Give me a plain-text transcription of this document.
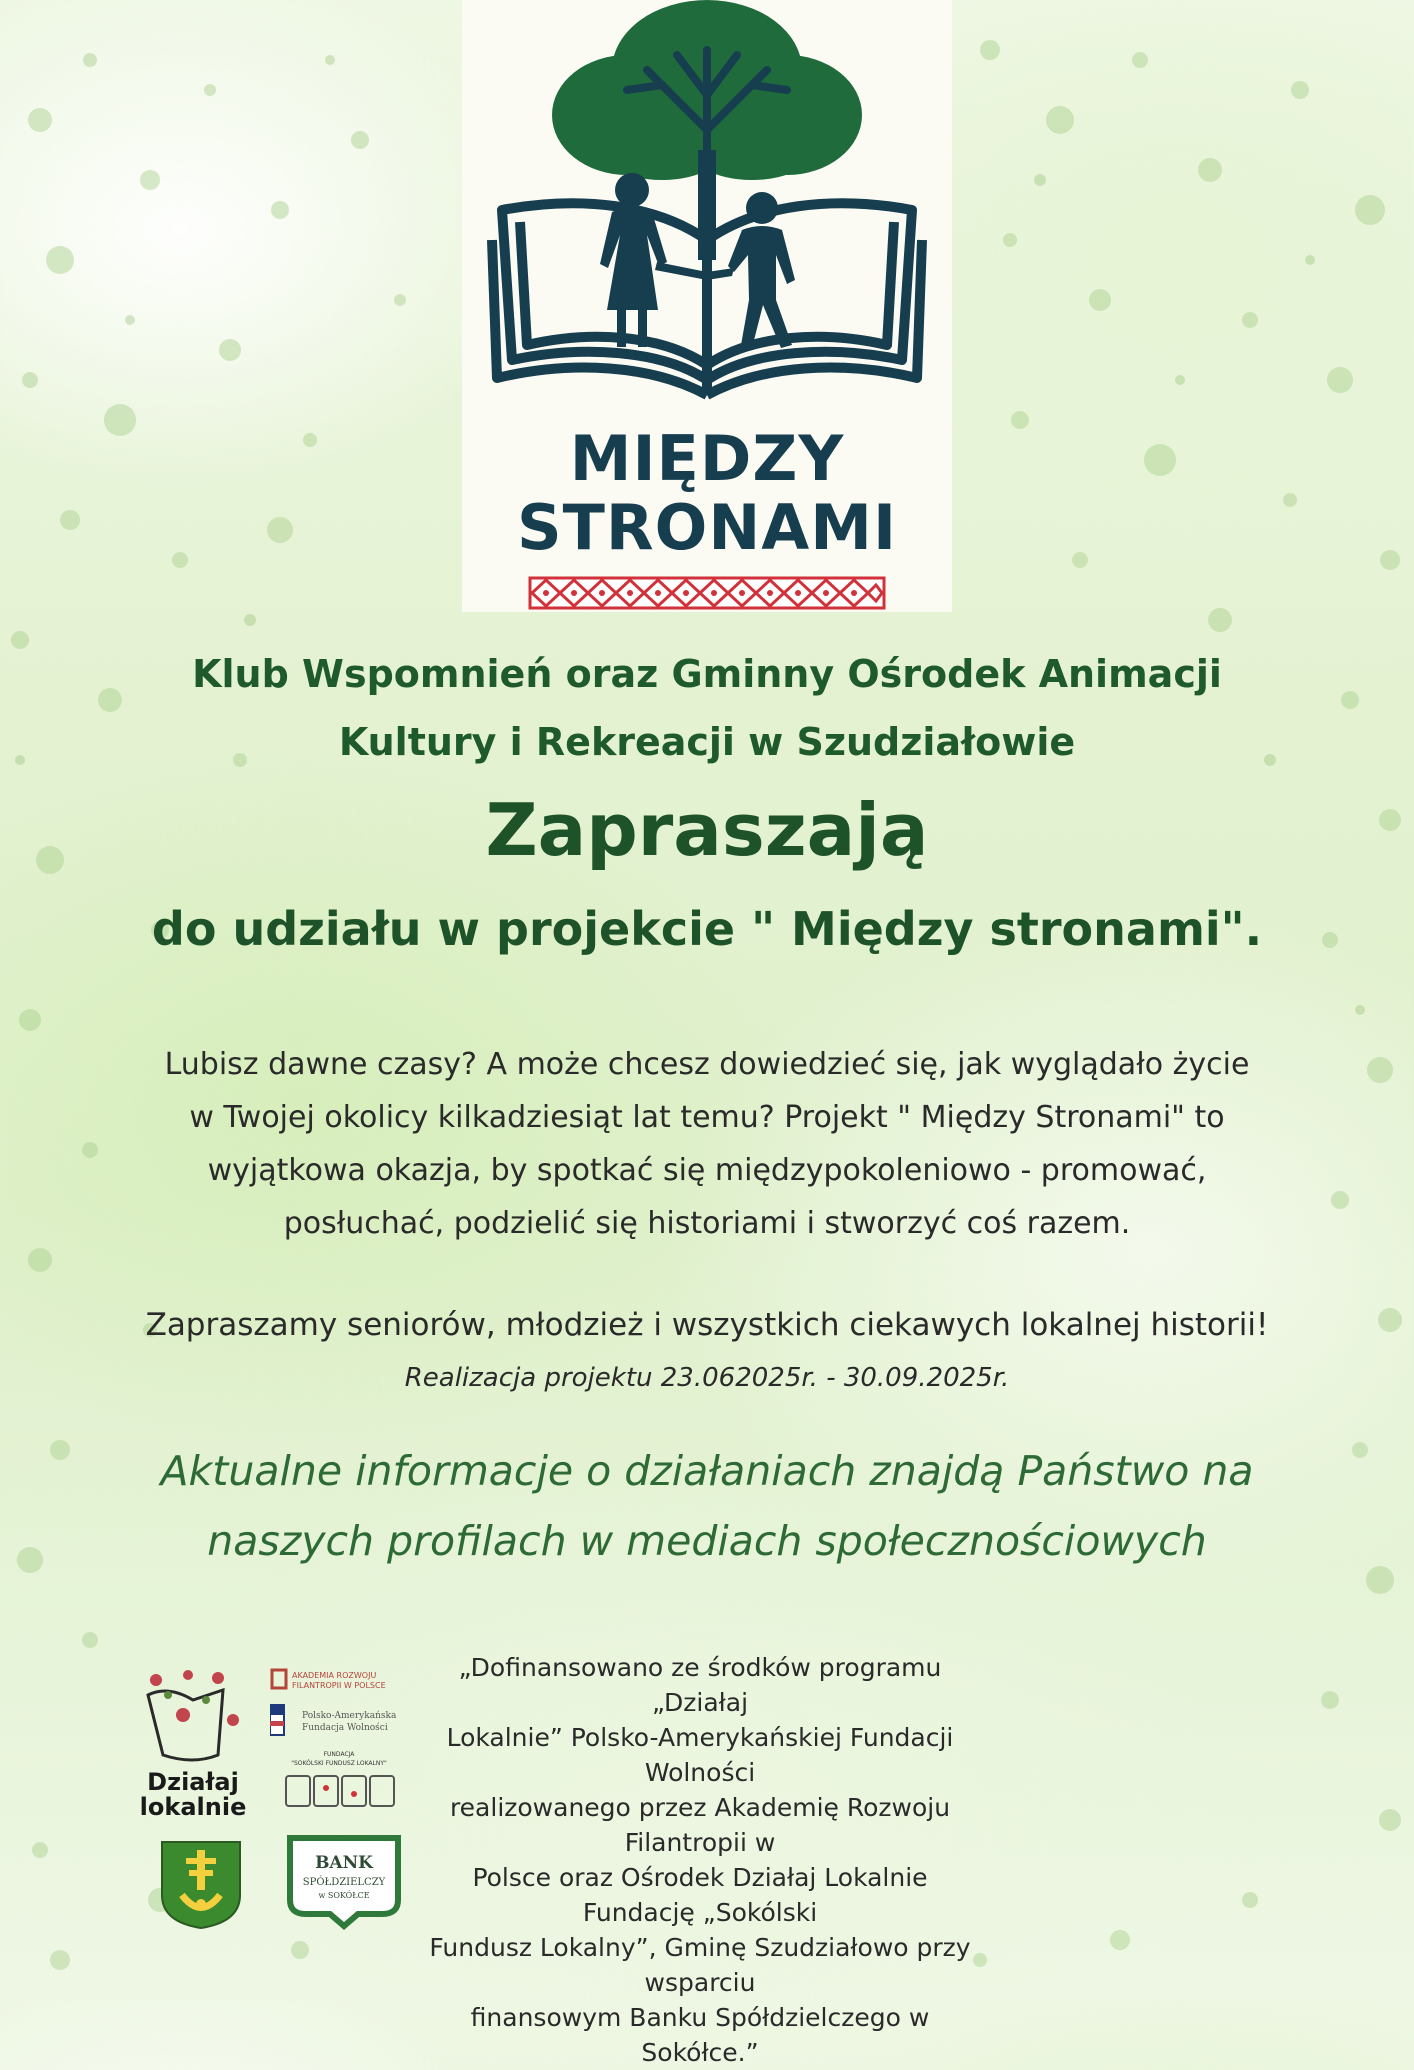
MIĘDZY
STRONAMI
Klub Wspomnień oraz Gminny Ośrodek Animacji
Kultury i Rekreacji w Szudziałowie
Zapraszają
do udziału w projekcie " Między stronami".
Lubisz dawne czasy? A może chcesz dowiedzieć się, jak wyglądało życie
w Twojej okolicy kilkadziesiąt lat temu? Projekt " Między Stronami" to
wyjątkowa okazja, by spotkać się międzypokoleniowo - promować,
posłuchać, podzielić się historiami i stworzyć coś razem.
Zapraszamy seniorów, młodzież i wszystkich ciekawych lokalnej historii!
Realizacja projektu 23.062025r. - 30.09.2025r.
Aktualne informacje o działaniach znajdą Państwo na
naszych profilach w mediach społecznościowych
Działaj
lokalnie
AKADEMIA ROZWOJU
FILANTROPII W POLSCE
Polsko-Amerykańska
Fundacja Wolności
FUNDACJA
"SOKÓLSKI FUNDUSZ LOKALNY"
BANK
SPÓŁDZIELCZY
w SOKÓŁCE
„Dofinansowano ze środków programu „Działaj
Lokalnie” Polsko-Amerykańskiej Fundacji Wolności
realizowanego przez Akademię Rozwoju Filantropii w
Polsce oraz Ośrodek Działaj Lokalnie Fundację „Sokólski
Fundusz Lokalny”, Gminę Szudziałowo przy wsparciu
finansowym Banku Spółdzielczego w Sokółce.”
